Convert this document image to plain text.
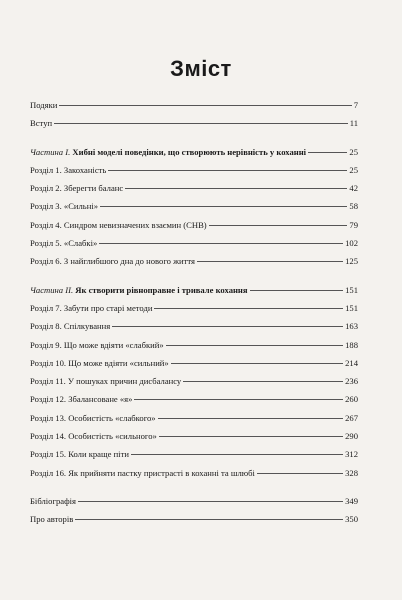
Зміст
Подяки	7
Вступ	11
Частина I. Хибні моделі поведінки, що створюють нерівність у коханні	25
Розділ 1. Закоханість	25
Розділ 2. Зберегти баланс	42
Розділ 3. «Сильні»	58
Розділ 4. Синдром невизначених взаємин (СНВ)	79
Розділ 5. «Слабкі»	102
Розділ 6. З найглибшого дна до нового життя	125
Частина II. Як створити рівноправне і тривале кохання	151
Розділ 7. Забути про старі методи	151
Розділ 8. Спілкування	163
Розділ 9. Що може вдіяти «слабкий»	188
Розділ 10. Що може вдіяти «сильний»	214
Розділ 11. У пошуках причин дисбалансу	236
Розділ 12. Збалансоване «я»	260
Розділ 13. Особистість «слабкого»	267
Розділ 14. Особистість «сильного»	290
Розділ 15. Коли краще піти	312
Розділ 16. Як прийняти пастку пристрасті в коханні та шлюбі	328
Бібліографія	349
Про авторів	350
